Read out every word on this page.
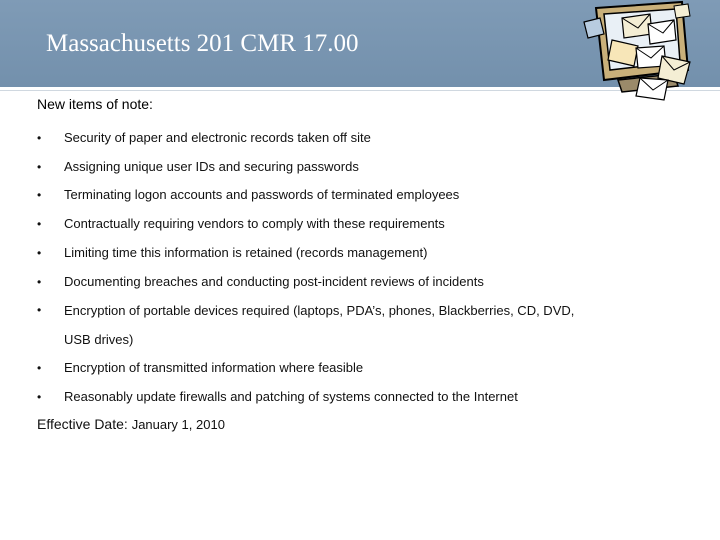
Massachusetts 201 CMR 17.00
New items of note:
•	Security of paper and electronic records taken off site
•	Assigning unique user IDs and securing passwords
•	Terminating logon accounts and passwords of terminated employees
•	Contractually requiring vendors to comply with these requirements
•	Limiting time this information is retained (records management)
•	Documenting breaches and conducting post-incident reviews of incidents
•	Encryption of portable devices required (laptops, PDA’s, phones, Blackberries, CD, DVD, USB drives)
•	Encryption of transmitted information where feasible
•	Reasonably update firewalls and patching of systems connected to the Internet
Effective Date: January 1, 2010
